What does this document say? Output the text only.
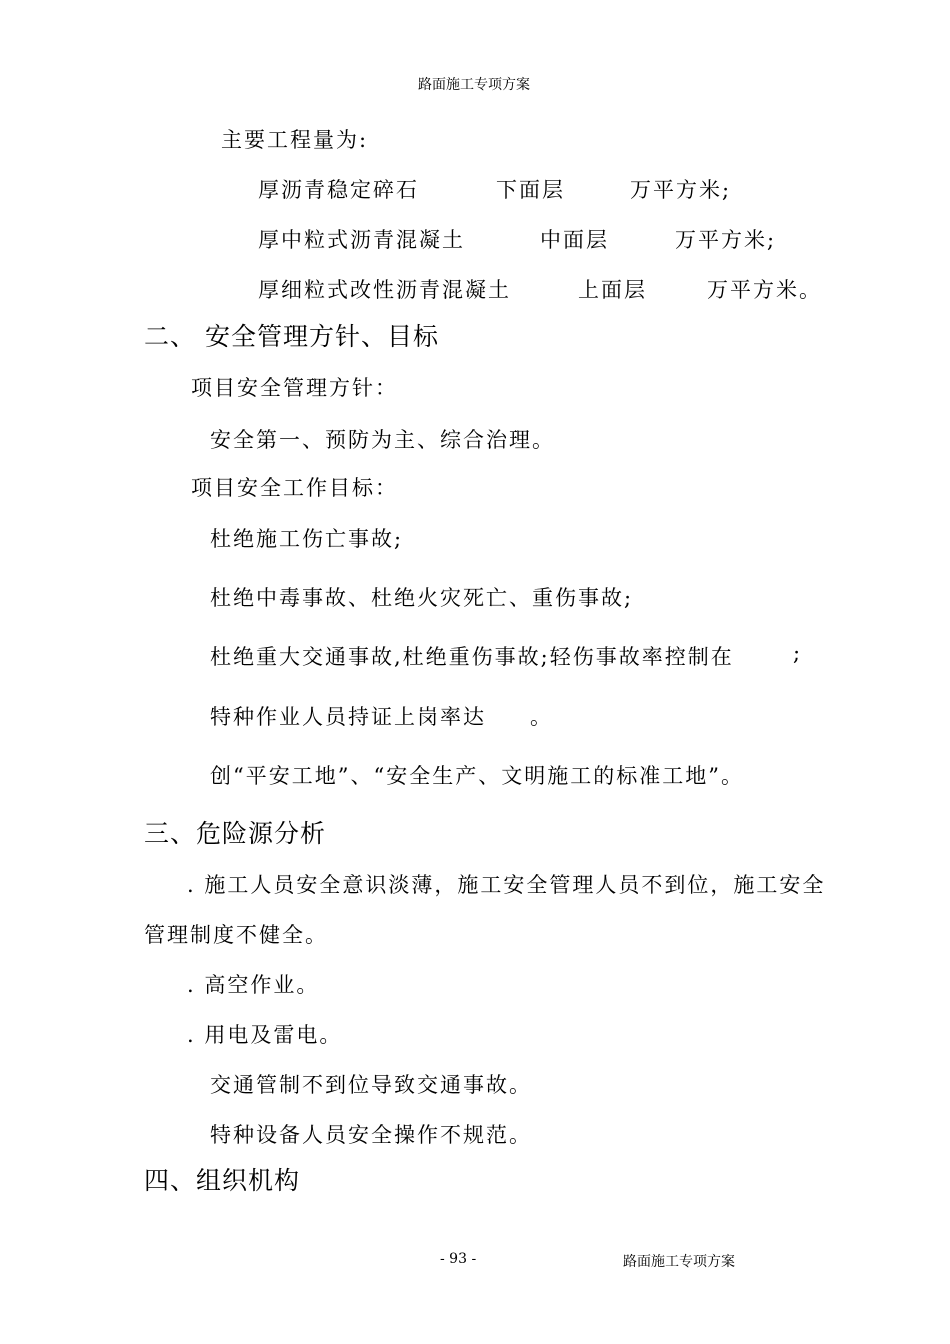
路面施工专项方案
主要工程量为:
厚沥青稳定碎石	下面层	万平方米;
厚中粒式沥青混凝土	中面层	万平方米;
厚细粒式改性沥青混凝土	上面层	万平方米。
二、 安全管理方针、目标
项目安全管理方针：
安全第一、预防为主、综合治理。
项目安全工作目标：
杜绝施工伤亡事故;
杜绝中毒事故、杜绝火灾死亡、重伤事故;
杜绝重大交通事故,杜绝重伤事故;轻伤事故率控制在	;
特种作业人员持证上岗率达 。
创“平安工地”、“安全生产、文明施工的标准工地”。
三、危险源分析
. 施工人员安全意识淡薄，施工安全管理人员不到位，施工安全
管理制度不健全。
. 高空作业。
. 用电及雷电。
交通管制不到位导致交通事故。
特种设备人员安全操作不规范。
四、组织机构
- 93 -	路面施工专项方案
